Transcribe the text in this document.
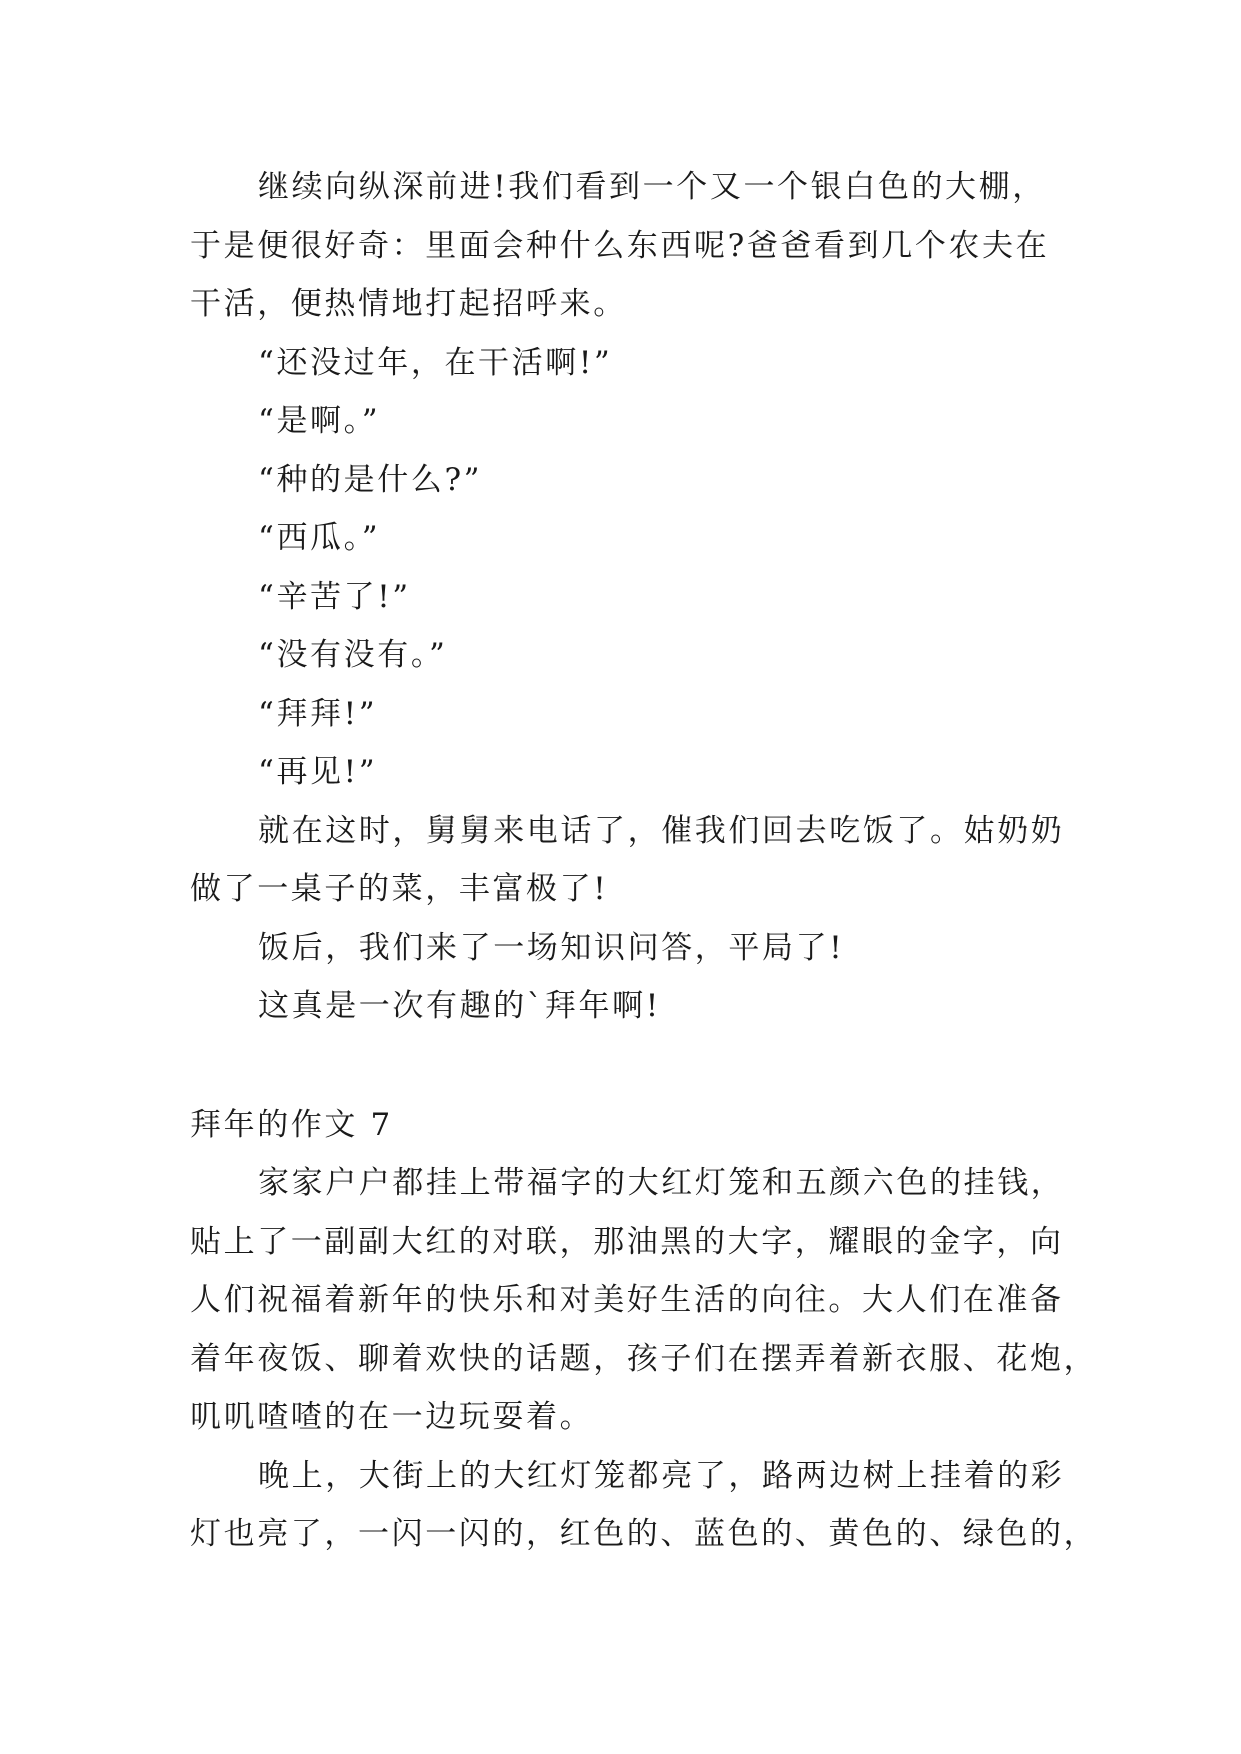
继续向纵深前进!我们看到一个又一个银白色的大棚，

于是便很好奇：里面会种什么东西呢?爸爸看到几个农夫在

干活，便热情地打起招呼来。

“还没过年，在干活啊!”

“是啊。”

“种的是什么?”

“西瓜。”

“辛苦了!”

“没有没有。”

“拜拜!”

“再见!”

就在这时，舅舅来电话了，催我们回去吃饭了。姑奶奶

做了一桌子的菜，丰富极了!

饭后，我们来了一场知识问答，平局了!

这真是一次有趣的`拜年啊!

拜年的作文 7

家家户户都挂上带福字的大红灯笼和五颜六色的挂钱，

贴上了一副副大红的对联，那油黑的大字，耀眼的金字，向

人们祝福着新年的快乐和对美好生活的向往。大人们在准备

着年夜饭、聊着欢快的话题，孩子们在摆弄着新衣服、花炮，

叽叽喳喳的在一边玩耍着。

晚上，大街上的大红灯笼都亮了，路两边树上挂着的彩

灯也亮了，一闪一闪的，红色的、蓝色的、黄色的、绿色的，
